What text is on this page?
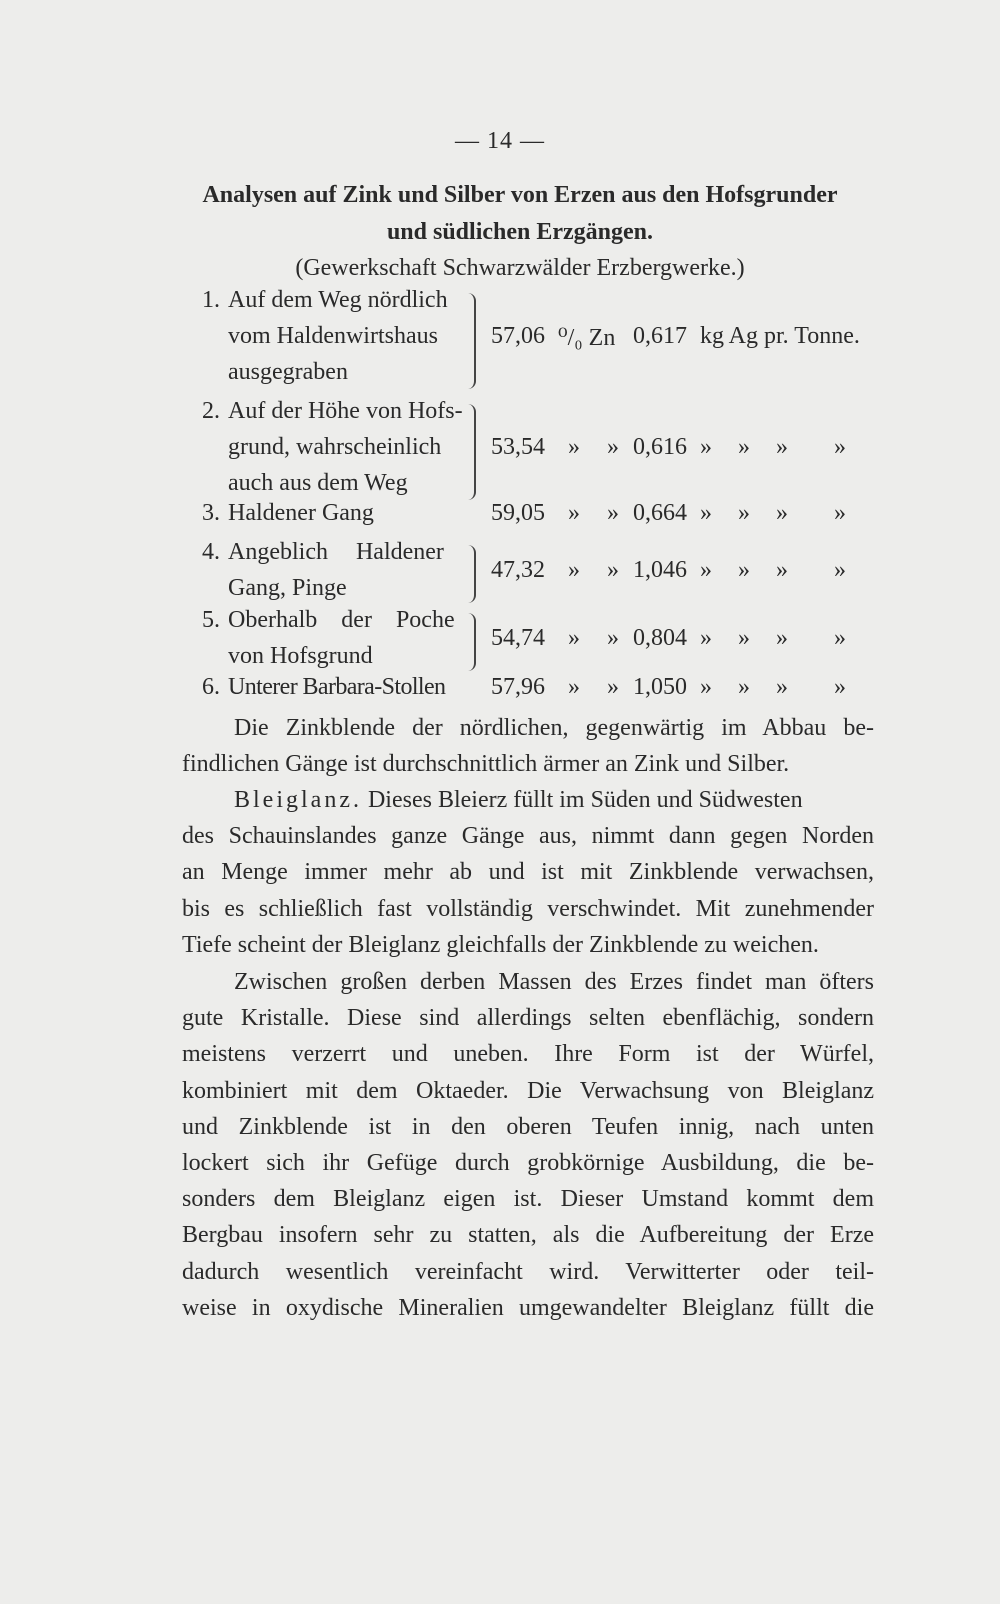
— 14 —
Analysen auf Zink und Silber von Erzen aus den Hofsgrunder
und südlichen Erzgängen.
(Gewerkschaft Schwarzwälder Erzbergwerke.)
1. Auf dem Weg nördlich
vom Haldenwirtshaus
ausgegraben
57,06 ⁰/₀ Zn 0,617 kg Ag pr. Tonne.
2. Auf der Höhe von Hofs-
grund, wahrscheinlich
auch aus dem Weg
53,54 » » 0,616 » » » »
3. Haldener Gang	59,05 » » 0,664 » » » »
4. Angeblich Haldener
Gang, Pinge
47,32 » » 1,046 » » » »
5. Oberhalb der Poche
von Hofsgrund
54,74 » » 0,804 » » » »
6. Unterer Barbara-Stollen 57,96 » » 1,050 » » » »
Die Zinkblende der nördlichen, gegenwärtig im Abbau be-
findlichen Gänge ist durchschnittlich ärmer an Zink und Silber.
Bleiglanz. Dieses Bleierz füllt im Süden und Südwesten
des Schauinslandes ganze Gänge aus, nimmt dann gegen Norden
an Menge immer mehr ab und ist mit Zinkblende verwachsen,
bis es schließlich fast vollständig verschwindet. Mit zunehmender
Tiefe scheint der Bleiglanz gleichfalls der Zinkblende zu weichen.
Zwischen großen derben Massen des Erzes findet man öfters
gute Kristalle. Diese sind allerdings selten ebenflächig, sondern
meistens verzerrt und uneben. Ihre Form ist der Würfel,
kombiniert mit dem Oktaeder. Die Verwachsung von Bleiglanz
und Zinkblende ist in den oberen Teufen innig, nach unten
lockert sich ihr Gefüge durch grobkörnige Ausbildung, die be-
sonders dem Bleiglanz eigen ist. Dieser Umstand kommt dem
Bergbau insofern sehr zu statten, als die Aufbereitung der Erze
dadurch wesentlich vereinfacht wird. Verwitterter oder teil-
weise in oxydische Mineralien umgewandelter Bleiglanz füllt die
